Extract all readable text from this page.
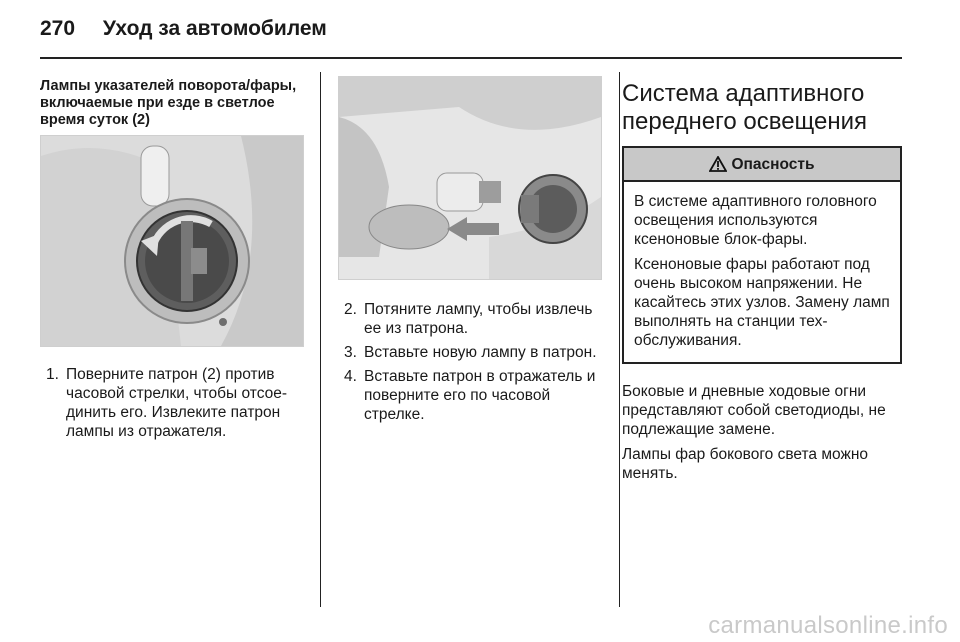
270 Уход за автомобилем
Лампы указателей поворота/фары, включаемые при езде в светлое время суток (2)
1. Поверните патрон (2) против часовой стрелки, чтобы отсоединить его. Извлеките патрон лампы из отражателя.
2. Потяните лампу, чтобы извлечь ее из патрона.
3. Вставьте новую лампу в патрон.
4. Вставьте патрон в отражатель и поверните его по часовой стрелке.
Система адаптивного переднего освещения
Опасность

В системе адаптивного головного освещения используются ксеноновые блок-фары.

Ксеноновые фары работают под очень высоком напряжении. Не касайтесь этих узлов. Замену ламп выполнять на станции техобслуживания.

Боковые и дневные ходовые огни представляют собой светодиоды, не подлежащие замене.

Лампы фар бокового света можно менять.

carmanualsonline.info
